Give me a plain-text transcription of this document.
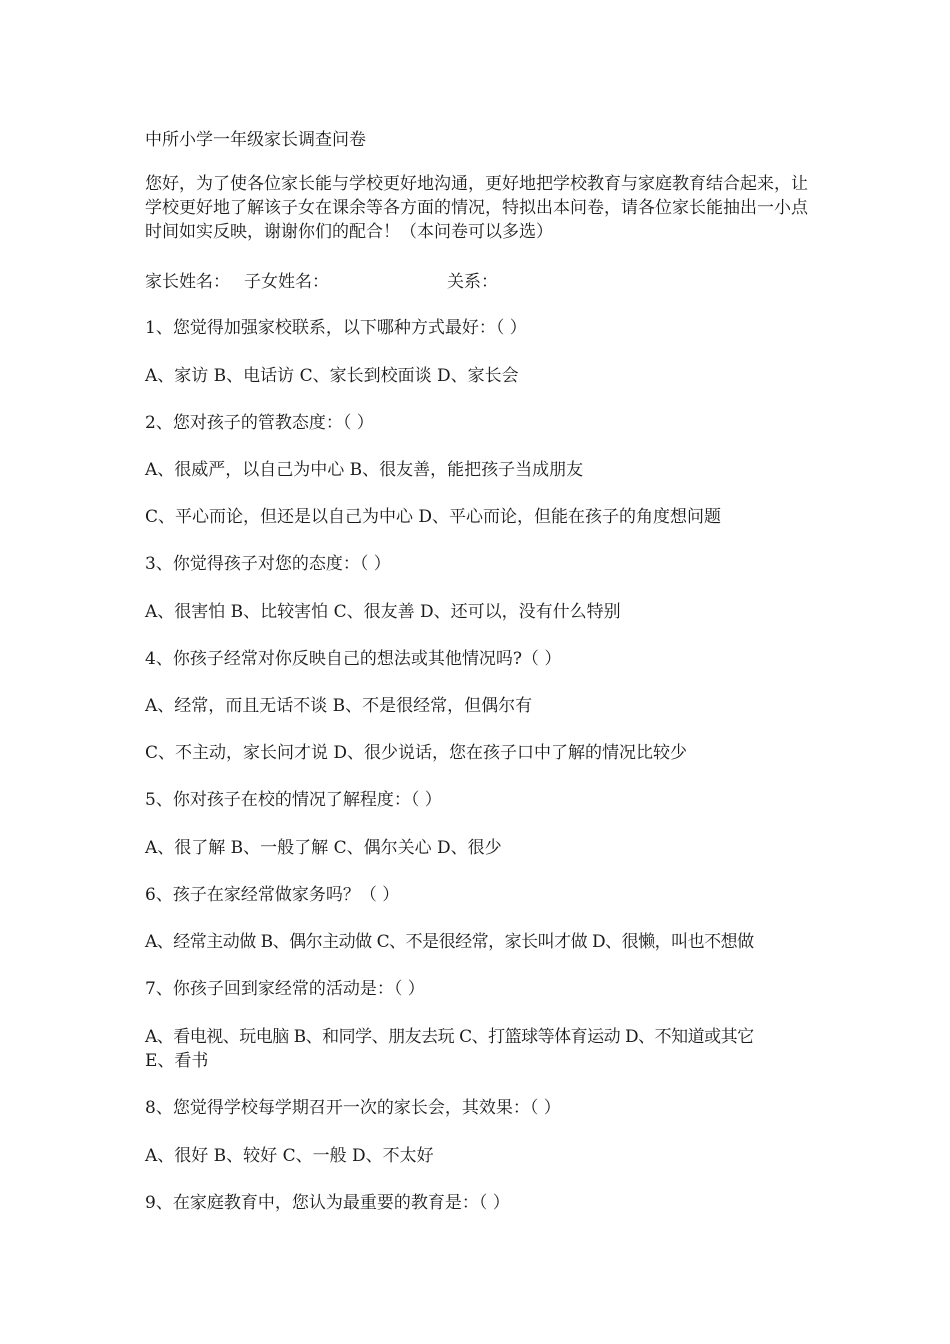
中所小学一年级家长调查问卷
您好，为了使各位家长能与学校更好地沟通，更好地把学校教育与家庭教育结合起来，让学校更好地了解该子女在课余等各方面的情况，特拟出本问卷，请各位家长能抽出一小点时间如实反映，谢谢你们的配合！（本问卷可以多选）
家长姓名： 子女姓名：	关系：
1、您觉得加强家校联系，以下哪种方式最好：（ ）
A、家访 B、电话访 C、家长到校面谈 D、家长会
2、您对孩子的管教态度：（ ）
A、很威严，以自己为中心 B、很友善，能把孩子当成朋友
C、平心而论，但还是以自己为中心 D、平心而论，但能在孩子的角度想问题
3、你觉得孩子对您的态度：（ ）
A、很害怕 B、比较害怕 C、很友善 D、还可以，没有什么特别
4、你孩子经常对你反映自己的想法或其他情况吗?（ ）
A、经常，而且无话不谈 B、不是很经常，但偶尔有
C、不主动，家长问才说 D、很少说话，您在孩子口中了解的情况比较少
5、你对孩子在校的情况了解程度：（ ）
A、很了解 B、一般了解 C、偶尔关心 D、很少
6、孩子在家经常做家务吗？（ ）
A、经常主动做 B、偶尔主动做 C、不是很经常，家长叫才做 D、很懒，叫也不想做
7、你孩子回到家经常的活动是：（ ）
A、看电视、玩电脑 B、和同学、朋友去玩 C、打篮球等体育运动 D、不知道或其它
E、看书
8、您觉得学校每学期召开一次的家长会，其效果：（ ）
A、很好 B、较好 C、一般 D、不太好
9、在家庭教育中，您认为最重要的教育是：（ ）
